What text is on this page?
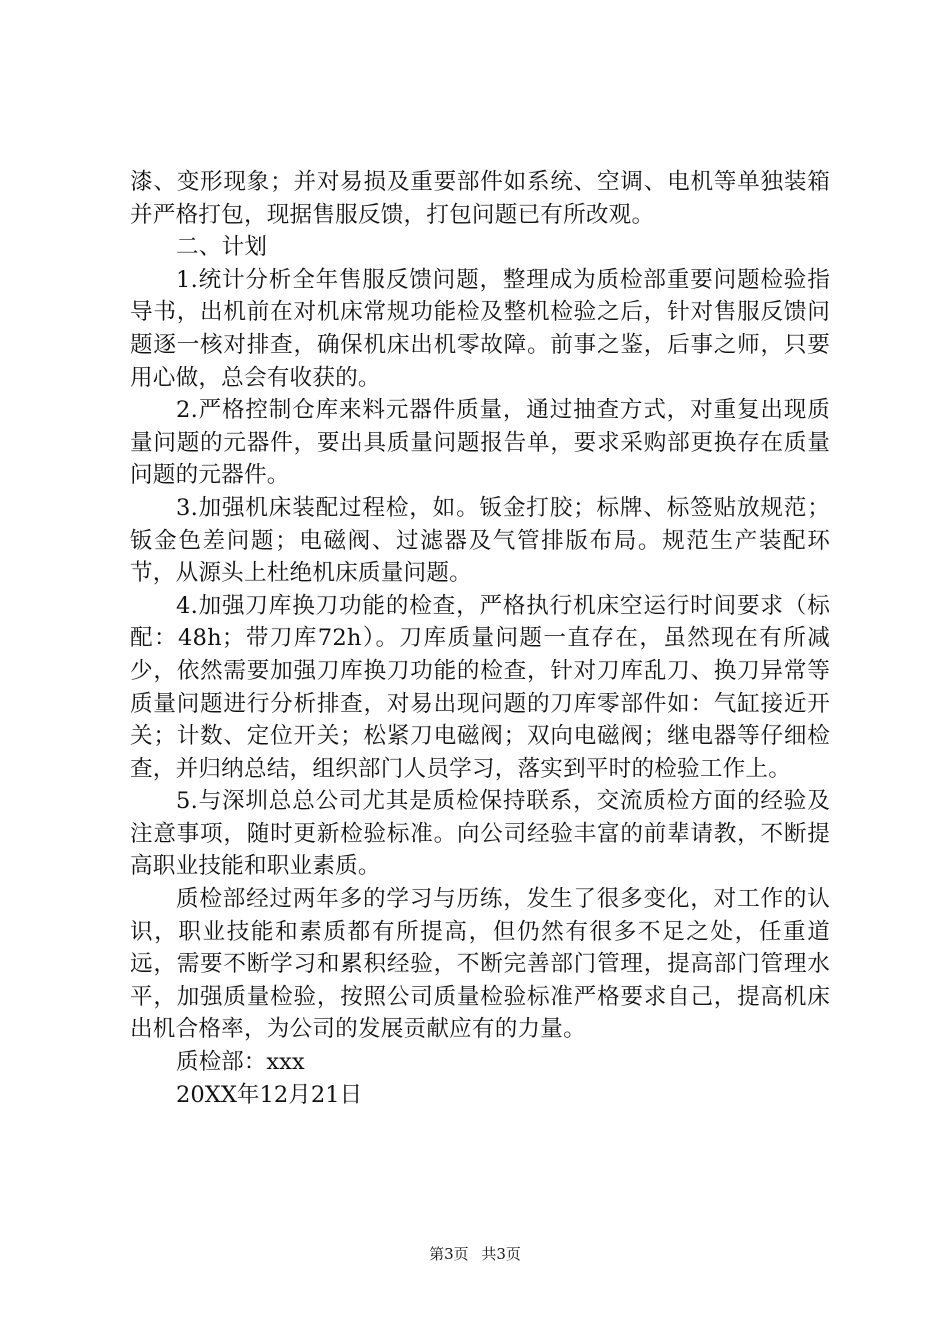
漆、变形现象；并对易损及重要部件如系统、空调、电机等单独装箱并严格打包，现据售服反馈，打包问题已有所改观。

二、计划

1.统计分析全年售服反馈问题，整理成为质检部重要问题检验指导书，出机前在对机床常规功能检及整机检验之后，针对售服反馈问题逐一核对排查，确保机床出机零故障。前事之鉴，后事之师，只要用心做，总会有收获的。

2.严格控制仓库来料元器件质量，通过抽查方式，对重复出现质量问题的元器件，要出具质量问题报告单，要求采购部更换存在质量问题的元器件。

3.加强机床装配过程检，如。钣金打胶；标牌、标签贴放规范；钣金色差问题；电磁阀、过滤器及气管排版布局。规范生产装配环节，从源头上杜绝机床质量问题。

4.加强刀库换刀功能的检查，严格执行机床空运行时间要求（标配：48h；带刀库72h）。刀库质量问题一直存在，虽然现在有所减少，依然需要加强刀库换刀功能的检查，针对刀库乱刀、换刀异常等质量问题进行分析排查，对易出现问题的刀库零部件如：气缸接近开关；计数、定位开关；松紧刀电磁阀；双向电磁阀；继电器等仔细检查，并归纳总结，组织部门人员学习，落实到平时的检验工作上。

5.与深圳总总公司尤其是质检保持联系，交流质检方面的经验及注意事项，随时更新检验标准。向公司经验丰富的前辈请教，不断提高职业技能和职业素质。

质检部经过两年多的学习与历练，发生了很多变化，对工作的认识，职业技能和素质都有所提高，但仍然有很多不足之处，任重道远，需要不断学习和累积经验，不断完善部门管理，提高部门管理水平，加强质量检验，按照公司质量检验标准严格要求自己，提高机床出机合格率，为公司的发展贡献应有的力量。

质检部：xxx

20XX年12月21日

第3页 共3页
